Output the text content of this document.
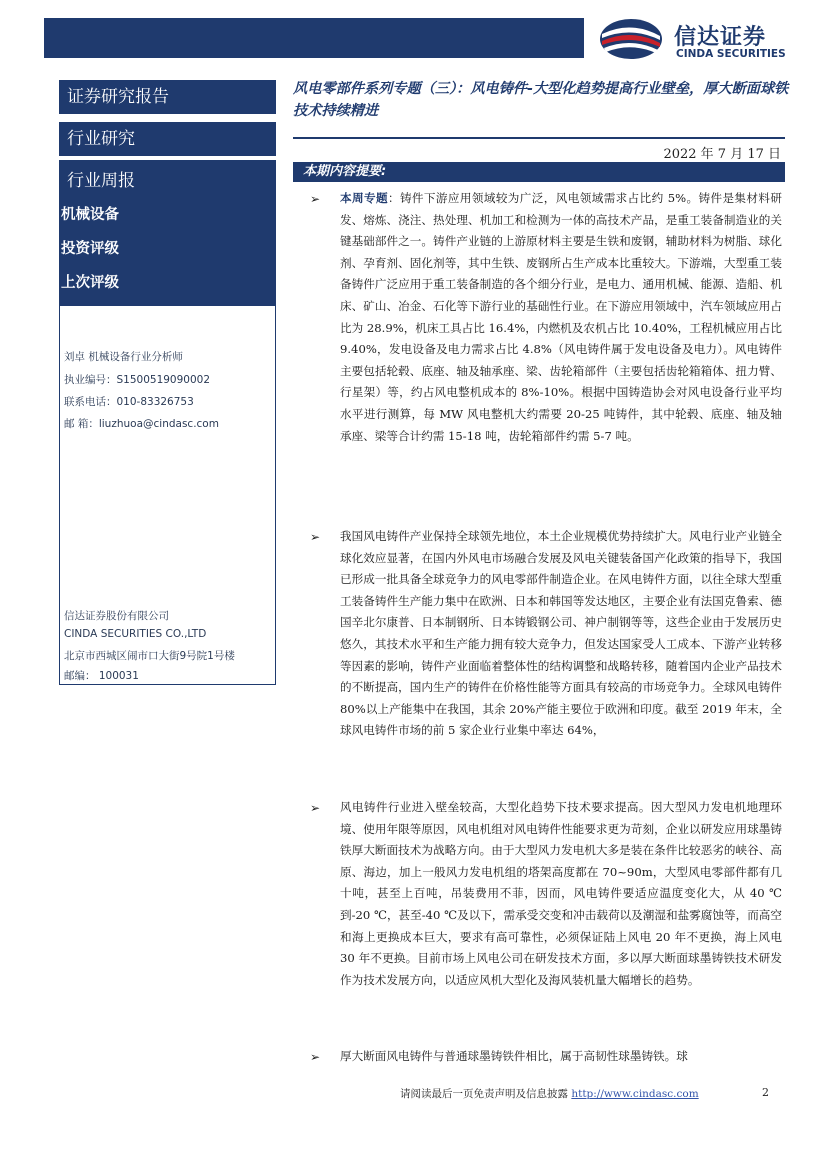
信达证券
CINDA SECURITIES
证券研究报告
行业研究
行业周报
机械设备
投资评级
上次评级
刘卓 机械设备行业分析师
执业编号：S1500519090002
联系电话：010-83326753
邮 箱：liuzhuoa@cindasc.com
信达证券股份有限公司
CINDA SECURITIES CO.,LTD
北京市西城区闹市口大街9号院1号楼
邮编： 100031
风电零部件系列专题（三）：风电铸件-大型化趋势提高行业壁垒，厚大断面球铁技术持续精进
2022 年 7 月 17 日
本期内容提要:
➢ 本周专题：铸件下游应用领域较为广泛，风电领域需求占比约 5%。铸件是集材料研发、熔炼、浇注、热处理、机加工和检测为一体的高技术产品，是重工装备制造业的关键基础部件之一。铸件产业链的上游原材料主要是生铁和废钢，辅助材料为树脂、球化剂、孕育剂、固化剂等，其中生铁、废钢所占生产成本比重较大。下游端，大型重工装备铸件广泛应用于重工装备制造的各个细分行业，是电力、通用机械、能源、造船、机床、矿山、冶金、石化等下游行业的基础性行业。在下游应用领域中，汽车领域应用占比为 28.9%，机床工具占比 16.4%，内燃机及农机占比 10.40%，工程机械应用占比 9.40%，发电设备及电力需求占比 4.8%（风电铸件属于发电设备及电力）。风电铸件主要包括轮毂、底座、轴及轴承座、梁、齿轮箱部件（主要包括齿轮箱箱体、扭力臂、行星架）等，约占风电整机成本的 8%-10%。根据中国铸造协会对风电设备行业平均水平进行测算，每 MW 风电整机大约需要 20-25 吨铸件，其中轮毂、底座、轴及轴承座、梁等合计约需 15-18 吨，齿轮箱部件约需 5-7 吨。
➢ 我国风电铸件产业保持全球领先地位，本土企业规模优势持续扩大。风电行业产业链全球化效应显著，在国内外风电市场融合发展及风电关键装备国产化政策的指导下，我国已形成一批具备全球竞争力的风电零部件制造企业。在风电铸件方面，以往全球大型重工装备铸件生产能力集中在欧洲、日本和韩国等发达地区，主要企业有法国克鲁索、德国辛北尔康普、日本制钢所、日本铸锻钢公司、神户制钢等等，这些企业由于发展历史悠久，其技术水平和生产能力拥有较大竞争力，但发达国家受人工成本、下游产业转移等因素的影响，铸件产业面临着整体性的结构调整和战略转移，随着国内企业产品技术的不断提高，国内生产的铸件在价格性能等方面具有较高的市场竞争力。全球风电铸件 80%以上产能集中在我国，其余 20%产能主要位于欧洲和印度。截至 2019 年末，全球风电铸件市场的前 5 家企业行业集中率达 64%，
➢ 风电铸件行业进入壁垒较高，大型化趋势下技术要求提高。因大型风力发电机地理环境、使用年限等原因，风电机组对风电铸件性能要求更为苛刻，企业以研发应用球墨铸铁厚大断面技术为战略方向。由于大型风力发电机大多是装在条件比较恶劣的峡谷、高原、海边，加上一般风力发电机组的塔架高度都在 70~90m，大型风电零部件都有几十吨，甚至上百吨，吊装费用不菲，因而，风电铸件要适应温度变化大，从 40 ℃到-20 ℃，甚至-40 ℃及以下，需承受交变和冲击载荷以及潮湿和盐雾腐蚀等，而高空和海上更换成本巨大，要求有高可靠性，必须保证陆上风电 20 年不更换，海上风电 30 年不更换。目前市场上风电公司在研发技术方面，多以厚大断面球墨铸铁技术研发作为技术发展方向，以适应风机大型化及海风装机量大幅增长的趋势。
➢ 厚大断面风电铸件与普通球墨铸铁件相比，属于高韧性球墨铸铁。球
请阅读最后一页免责声明及信息披露 http://www.cindasc.com	2
